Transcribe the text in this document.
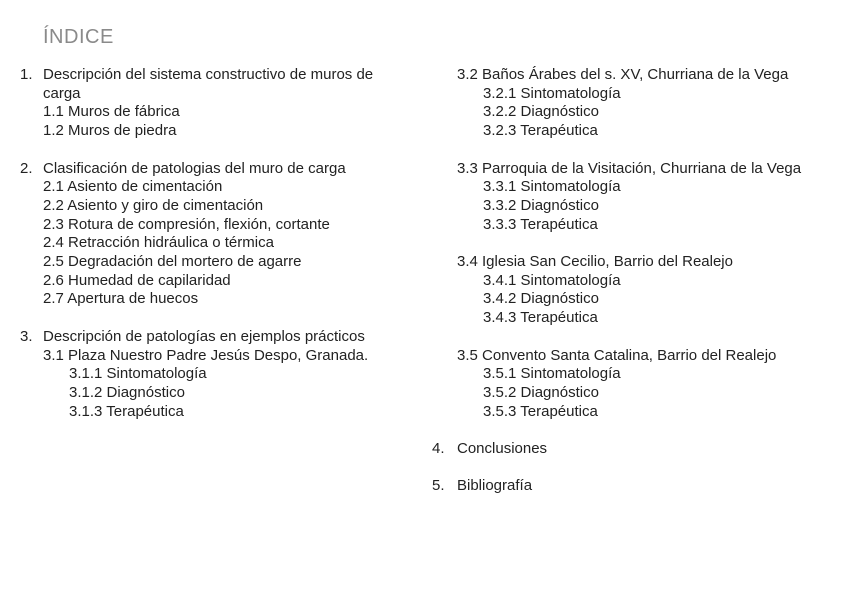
ÍNDICE
1. Descripción del sistema constructivo de muros de
carga
1.1 Muros de fábrica
1.2 Muros de piedra
2. Clasificación de patologias del muro de carga
2.1 Asiento de cimentación
2.2 Asiento y giro de cimentación
2.3 Rotura de compresión, flexión, cortante
2.4 Retracción hidráulica o térmica
2.5 Degradación del mortero de agarre
2.6 Humedad de capilaridad
2.7 Apertura de huecos
3. Descripción de patologías en ejemplos prácticos
3.1 Plaza Nuestro Padre Jesús Despo, Granada.
3.1.1 Sintomatología
3.1.2 Diagnóstico
3.1.3 Terapéutica
3.2 Baños Árabes del s. XV, Churriana de la Vega
3.2.1 Sintomatología
3.2.2 Diagnóstico
3.2.3 Terapéutica
3.3 Parroquia de la Visitación, Churriana de la Vega
3.3.1 Sintomatología
3.3.2 Diagnóstico
3.3.3 Terapéutica
3.4 Iglesia San Cecilio, Barrio del Realejo
3.4.1 Sintomatología
3.4.2 Diagnóstico
3.4.3 Terapéutica
3.5 Convento Santa Catalina, Barrio del Realejo
3.5.1 Sintomatología
3.5.2 Diagnóstico
3.5.3 Terapéutica
4. Conclusiones
5. Bibliografía
